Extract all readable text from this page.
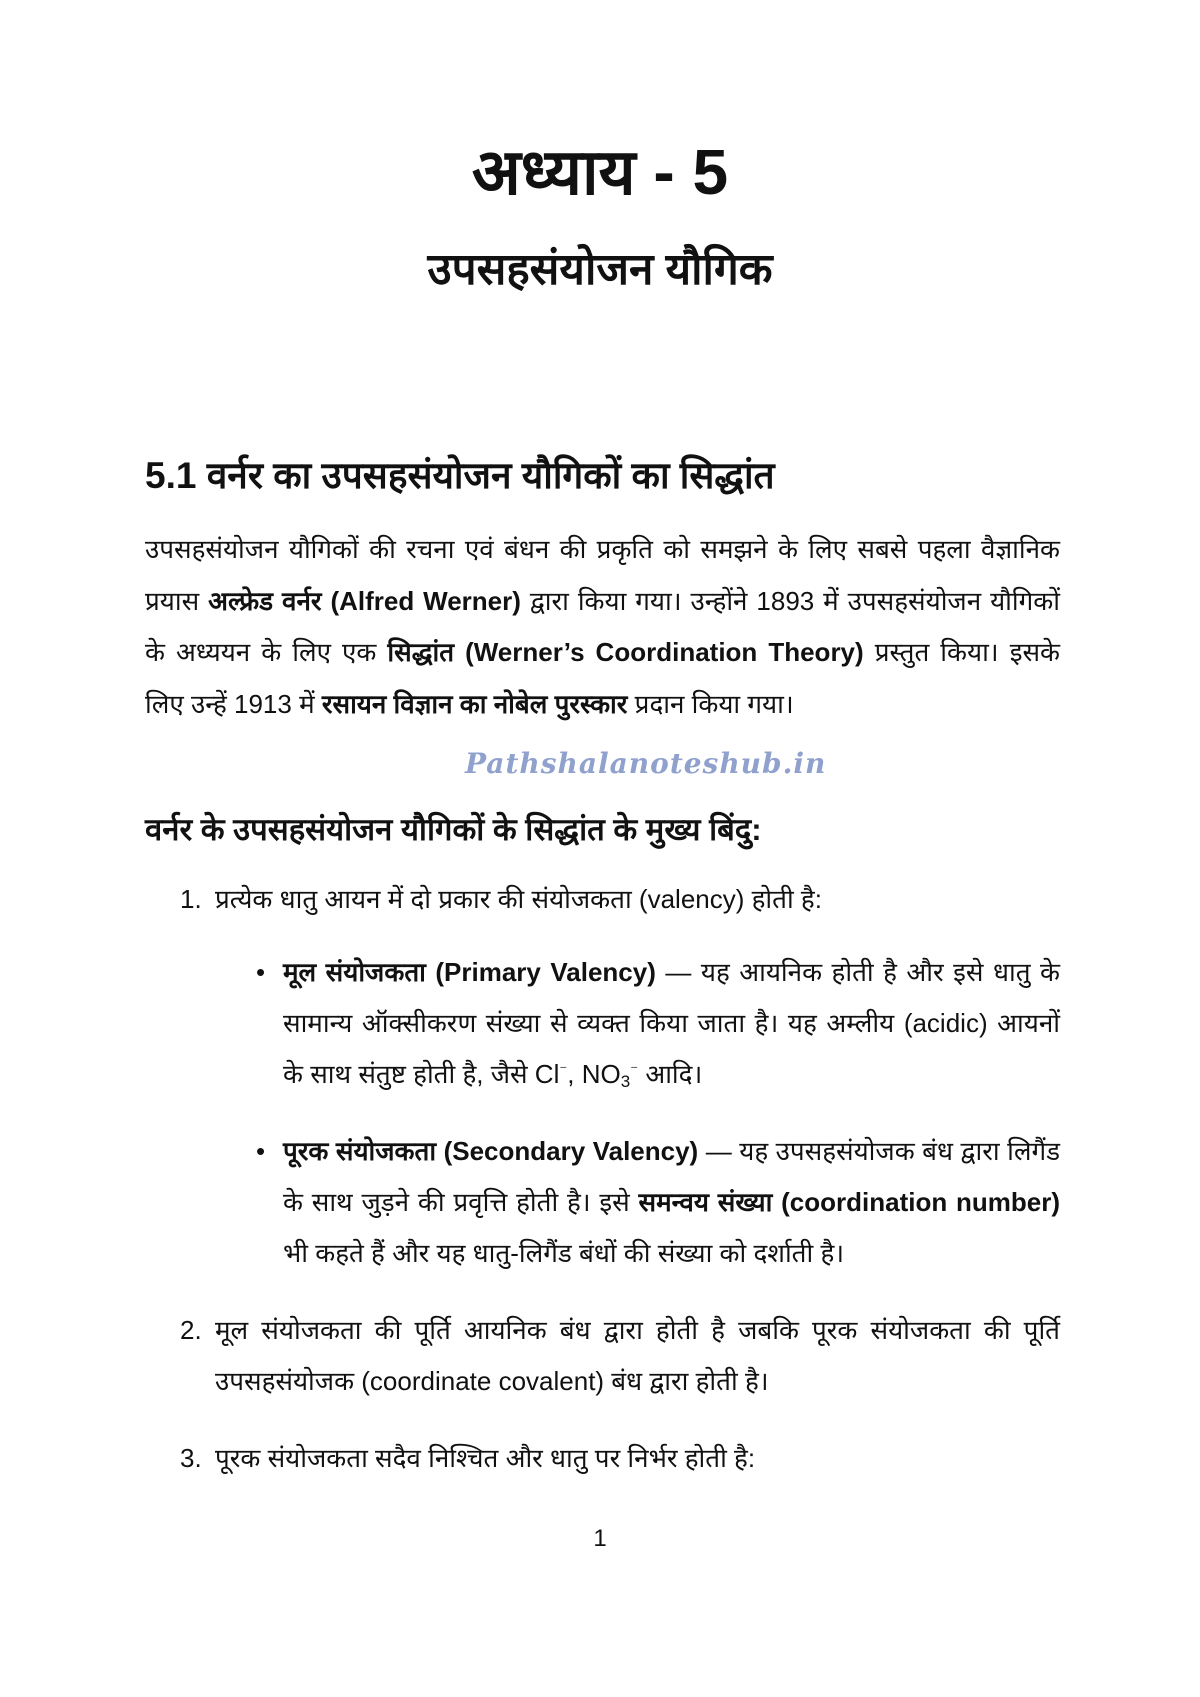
अध्याय - 5
उपसहसंयोजन यौगिक
5.1 वर्नर का उपसहसंयोजन यौगिकों का सिद्धांत
उपसहसंयोजन यौगिकों की रचना एवं बंधन की प्रकृति को समझने के लिए सबसे पहला वैज्ञानिक प्रयास अल्फ्रेड वर्नर (Alfred Werner) द्वारा किया गया। उन्होंने 1893 में उपसहसंयोजन यौगिकों के अध्ययन के लिए एक सिद्धांत (Werner’s Coordination Theory) प्रस्तुत किया। इसके लिए उन्हें 1913 में रसायन विज्ञान का नोबेल पुरस्कार प्रदान किया गया।
Pathshalanoteshub.in
वर्नर के उपसहसंयोजन यौगिकों के सिद्धांत के मुख्य बिंदु:
1. प्रत्येक धातु आयन में दो प्रकार की संयोजकता (valency) होती है:
• मूल संयोजकता (Primary Valency) — यह आयनिक होती है और इसे धातु के सामान्य ऑक्सीकरण संख्या से व्यक्त किया जाता है। यह अम्लीय (acidic) आयनों के साथ संतुष्ट होती है, जैसे Cl⁻, $NO_3^{^-}$ आदि।
• पूरक संयोजकता (Secondary Valency) — यह उपसहसंयोजक बंध द्वारा लिगैंड के साथ जुड़ने की प्रवृत्ति होती है। इसे समन्वय संख्या (coordination number) भी कहते हैं और यह धातु-लिगैंड बंधों की संख्या को दर्शाती है।
2. मूल संयोजकता की पूर्ति आयनिक बंध द्वारा होती है जबकि पूरक संयोजकता की पूर्ति उपसहसंयोजक (coordinate covalent) बंध द्वारा होती है।
3. पूरक संयोजकता सदैव निश्चित और धातु पर निर्भर होती है:
1
